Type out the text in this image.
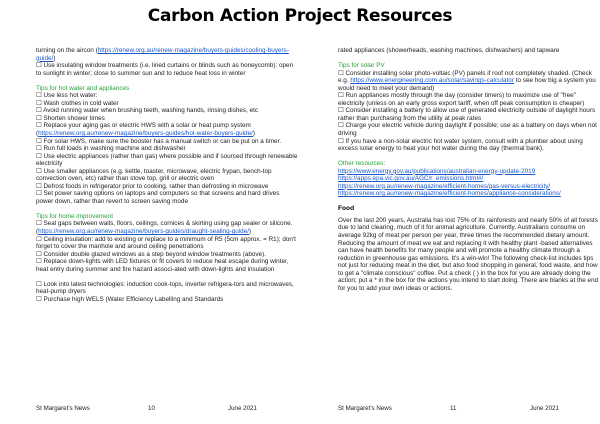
Carbon Action Project Resources

turning on the aircon (https://renew.org.au/renew-magazine/buyers-guides/cooling-buyers-guide/)

☐ Use insulating window treatments (i.e. lined curtains or blinds such as honeycomb): open to sunlight in winter; close to summer sun and to reduce heat loss in winter

Tips for hot water and appliances

☐ Use less hot water:

☐ Wash clothes in cold water

☐ Avoid running water when brushing teeth, washing hands, rinsing dishes, etc

☐ Shorten shower times

☐ Replace your aging gas or electric HWS with a solar or heat pump system (https://renew.org.au/renew-magazine/buyers-guides/hot-water-buyers-guide/)

☐ For solar HWS, make sure the booster has a manual switch or can be put on a timer.

☐ Run full loads in washing machine and dishwasher

☐ Use electric appliances (rather than gas) where possible and if sourced through renewable electricity

☐ Use smaller appliances (e.g. kettle, toaster, microwave, electric frypan, bench-top convection oven, etc) rather than stove top, grill or electric oven

☐ Defrost foods in refrigerator prior to cooking, rather than defrosting in microwave

☐ Set power saving options on laptops and computers so that screens and hard drives power down, rather than revert to screen saving mode

Tips for home improvement

☐ Seal gaps between walls, floors, ceilings, cornices & skirting using gap sealer or silicone. (https://renew.org.au/renew-magazine/buyers-guides/draught-sealing-guide/)

☐ Ceiling insulation: add to existing or replace to a minimum of R5 (5cm approx. = R1); don't forget to cover the manhole and around ceiling penetrations

☐ Consider double glazed windows as a step beyond window treatments (above).

☐ Replace down-lights with LED fixtures or fit covers to reduce heat escape during winter, heat entry during summer and fire hazard associ-ated with down-lights and insulation

☐ Look into latest technologies: induction cook-tops, inverter refrigera-tors and microwaves, heat-pump dryers

☐ Purchase high WELS (Water Efficiency Labelling and Standards

rated appliances (showerheads, washing machines, dishwashers) and tapware

Tips for solar PV

☐ Consider installing solar photo-voltaic (PV) panels if roof not completely shaded. (Check e.g. https://www.energineering.com.au/solar/savings-calculator to see how big a system you would need to meet your demand)

☐ Run appliances mostly through the day (consider timers) to maximize use of "free" electricity (unless on an early gross export tariff, when off peak consumption is cheaper)

☐ Consider installing a battery to allow use of generated electricity outside of daylight hours rather than purchasing from the utility at peak rates

☐ Charge your electric vehicle during daylight if possible; use as a battery on days when not driving

☐ If you have a non-solar electric hot water system, consult with a plumber about using excess solar energy to heat your hot water during the day (thermal bank).

Other resources:

https://www.energy.gov.au/publications/australian-energy-update-2019

https://apps.epa.vic.gov.au/AGC/r_emissions.html#/

https://renew.org.au/renew-magazine/efficient-homes/gas-versus-electricity/

https://renew.org.au/renew-magazine/efficient-homes/appliance-considerations/

Food

Over the last 200 years, Australia has lost 75% of its rainforests and nearly 50% of all forests due to land clearing, much of it for animal agriculture. Currently, Australians consume on average 92kg of meat per person per year, three times the recommended dietary amount. Reducing the amount of meat we eat and replacing it with healthy plant -based alternatives can have health benefits for many people and will promote a healthy climate through a reduction in greenhouse gas emissions. It's a win-win! The following check-list includes tips not just for reducing meat in the diet, but also food shopping in general, food waste, and how to get a "climate conscious" coffee. Put a check ( ) in the box for you are already doing the action; put a * in the box for the actions you intend to start doing. There are blanks at the end for you to add your own ideas or actions.

St Margaret's News	10	June 2021	St Margaret's News	11	June 2021
